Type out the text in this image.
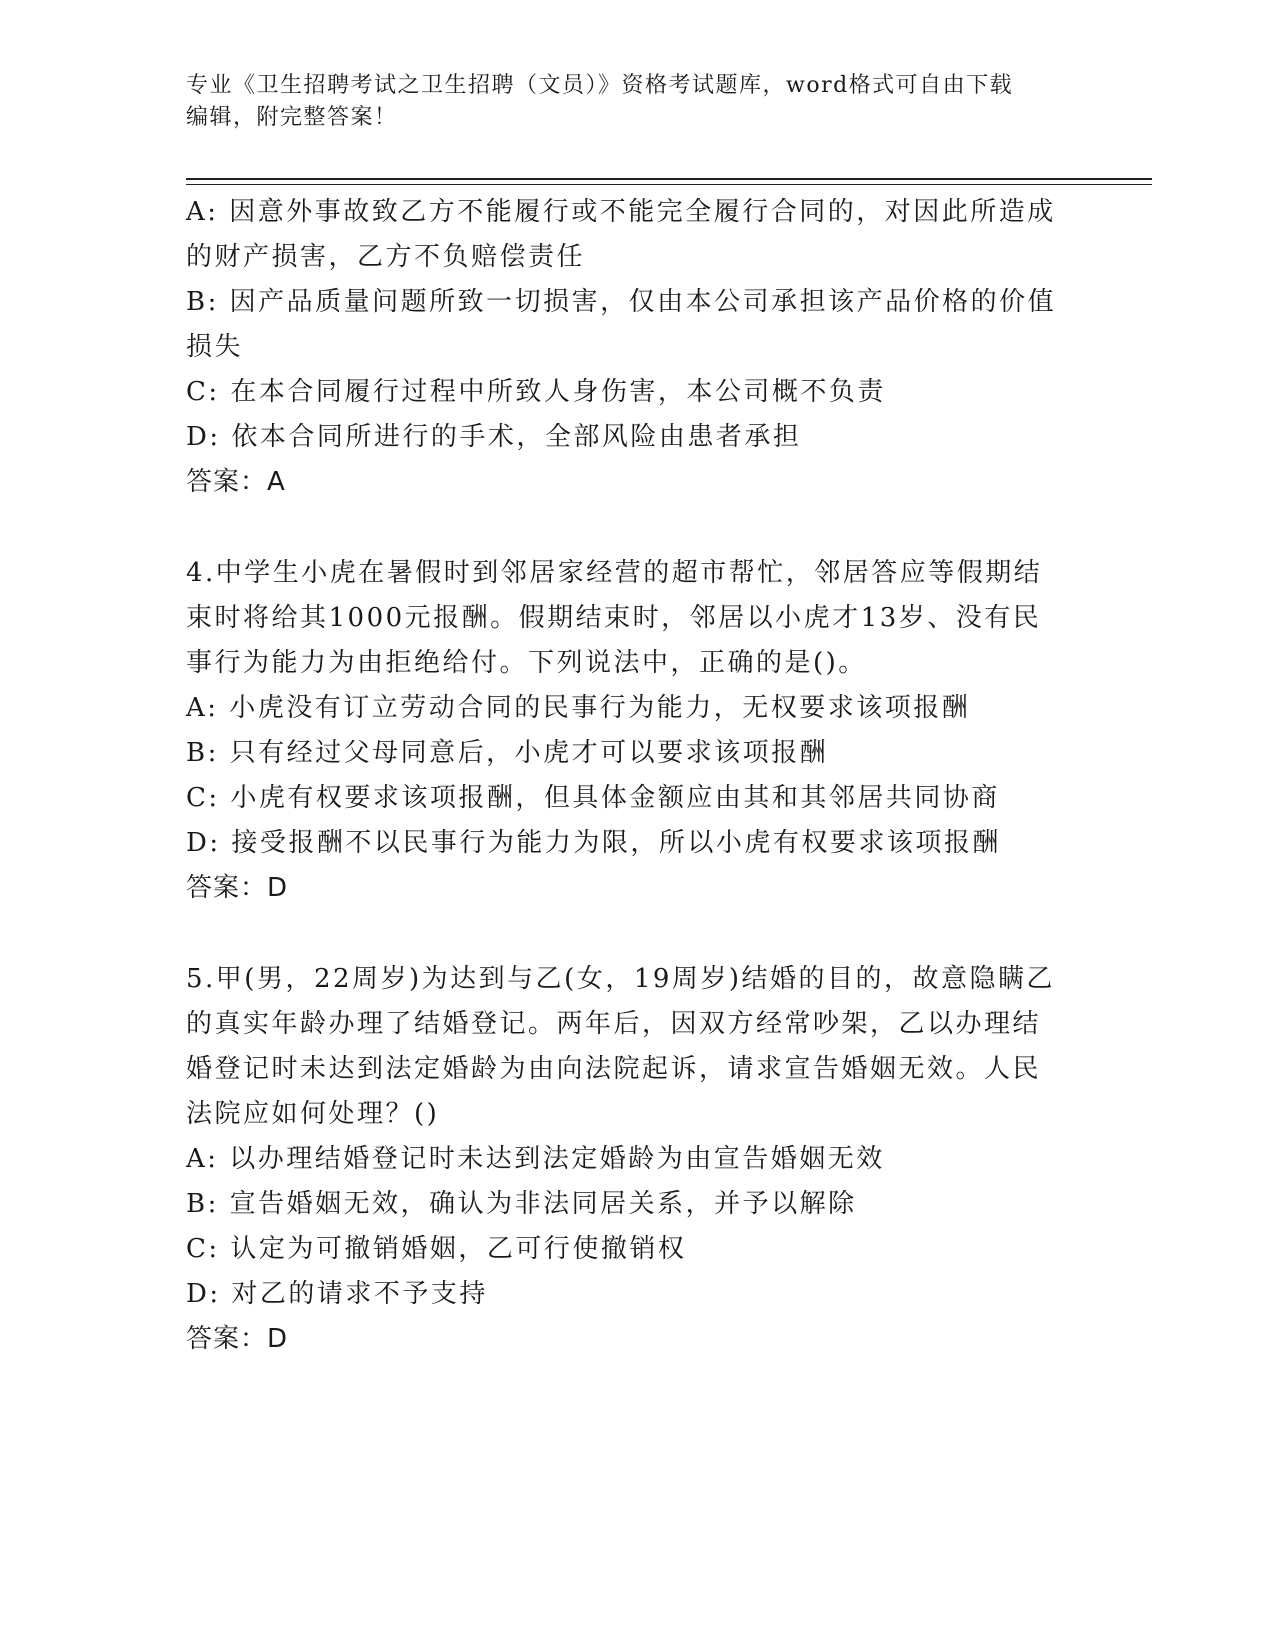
专业《卫生招聘考试之卫生招聘（文员）》资格考试题库，word格式可自由下载
编辑，附完整答案！
A: 因意外事故致乙方不能履行或不能完全履行合同的，对因此所造成
的财产损害，乙方不负赔偿责任
B: 因产品质量问题所致一切损害，仅由本公司承担该产品价格的价值
损失
C: 在本合同履行过程中所致人身伤害，本公司概不负责
D: 依本合同所进行的手术，全部风险由患者承担
答案：A
4.中学生小虎在暑假时到邻居家经营的超市帮忙，邻居答应等假期结
束时将给其1000元报酬。假期结束时，邻居以小虎才13岁、没有民
事行为能力为由拒绝给付。下列说法中，正确的是()。
A: 小虎没有订立劳动合同的民事行为能力，无权要求该项报酬
B: 只有经过父母同意后，小虎才可以要求该项报酬
C: 小虎有权要求该项报酬，但具体金额应由其和其邻居共同协商
D: 接受报酬不以民事行为能力为限，所以小虎有权要求该项报酬
答案：D
5.甲(男，22周岁)为达到与乙(女，19周岁)结婚的目的，故意隐瞒乙
的真实年龄办理了结婚登记。两年后，因双方经常吵架，乙以办理结
婚登记时未达到法定婚龄为由向法院起诉，请求宣告婚姻无效。人民
法院应如何处理？()
A: 以办理结婚登记时未达到法定婚龄为由宣告婚姻无效
B: 宣告婚姻无效，确认为非法同居关系，并予以解除
C: 认定为可撤销婚姻，乙可行使撤销权
D: 对乙的请求不予支持
答案：D
